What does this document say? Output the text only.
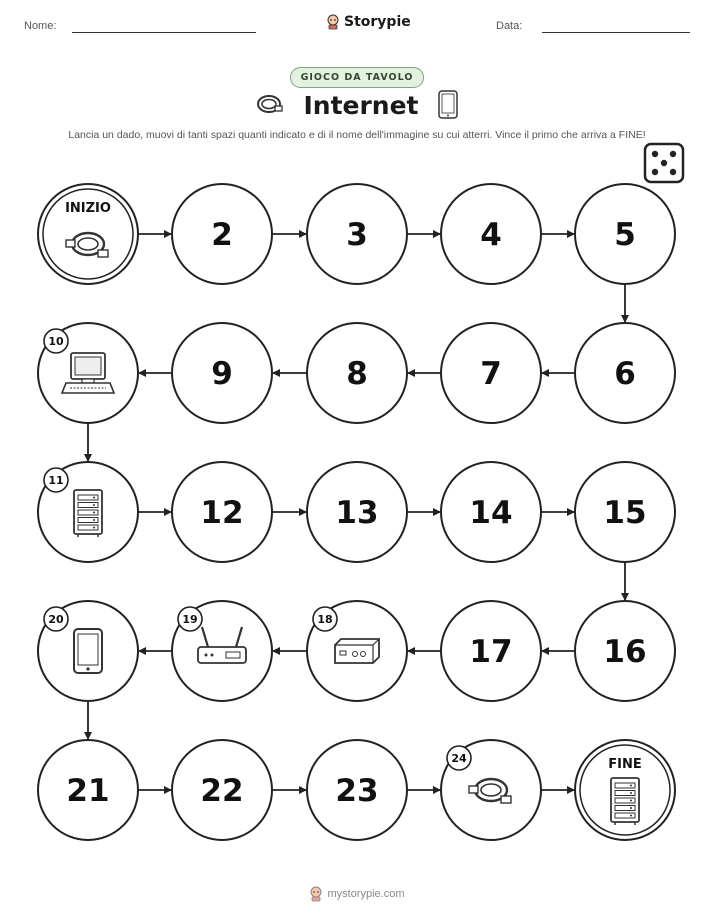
Nome:	Storypie	Data:
GIOCO DA TAVOLO
Internet
Lancia un dado, muovi di tanti spazi quanti indicato e di il nome dell'immagine su cui atterri. Vince il primo che arriva a FINE!
INIZIO
2	3	4	5
6
7
8
9
10
11
12	13	14	15
16
17
18
19
20
21	22	23
24	FINE
mystorypie.com
